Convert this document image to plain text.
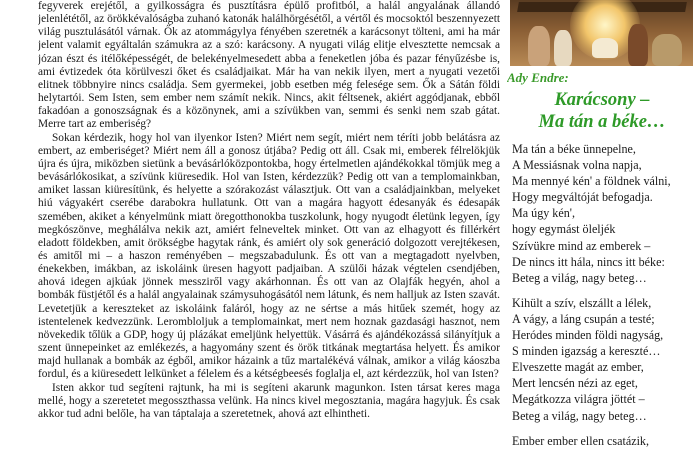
fegyverek erejétől, a gyilkosságra és pusztításra épülő profitból, a halál angyalának állandó jelenlététől, az örökkévalóságba zuhanó katonák halálhörgésétől, a vértől és mocsoktól beszennyezett világ pusztulásától várnak. Ők az atommágylya fényében szeretnék a karácsonyt tölteni, ami ha már jelent valamit egyáltalán számukra az a szó: karácsony. A nyugati világ elitje elvesztette nemcsak a józan észt és itélőképességét, de belekényelmesedett abba a feneketlen jóba és pazar fényűzésbe is, ami évtizedek óta körülveszi őket és családjaikat. Már ha van nekik ilyen, mert a nyugati vezetői elitnek többnyire nincs családja. Sem gyermekei, jobb esetben még felesége sem. Ők a Sátán földi helytartói. Sem Isten, sem ember nem számít nekik. Nincs, akit féltsenek, akiért aggódjanak, ebből fakadóan a gonoszságnak és a közönynek, ami a szívükben van, semmi és senki nem szab gátat. Merre tart az emberiség?

Sokan kérdezik, hogy hol van ilyenkor Isten? Miért nem segít, miért nem téríti jobb belátásra az embert, az emberiséget? Miért nem áll a gonosz útjába? Pedig ott áll. Csak mi, emberek félrelökjük újra és újra, miközben sietünk a bevásárlóközpontokba, hogy értelmetlen ajándékokkal tömjük meg a bevásárlókosikat, a szívünk kiüresedik. Hol van Isten, kérdezzük? Pedig ott van a templomainkban, amiket lassan kiüresítünk, és helyette a szórakozást választjuk. Ott van a családjainkban, melyeket hiú vágyakért cserébe darabokra hullatunk. Ott van a magára hagyott édesanyák és édesapák szemében, akiket a kényelmünk miatt öregotthonokba tuszkolunk, hogy nyugodt életünk legyen, így megkószönve, meghálálva nekik azt, amiért felneveltek minket. Ott van az elhagyott és fillérkért eladott földekben, amit örökségbe hagytak ránk, és amiért oly sok generáció dolgozott verejtékesen, és amitől mi – a haszon reményében – megszabadulunk. És ott van a megtagadott nyelvben, énekekben, imákban, az iskoláink üresen hagyott padjaiban. A szülői házak végtelen csendjében, ahová idegen ajkúak jönnek messziről vagy akárhonnan. És ott van az Olajfák hegyén, ahol a bombák füstjétől és a halál angyalainak számysuhogásától nem látunk, és nem halljuk az Isten szavát. Levetetjük a kereszteket az iskoláink faláról, hogy az ne sértse a más hitűek szemét, hogy az istentelenek kedvezzünk. Lerombloljuk a templomainkat, mert nem hoznak gazdasági hasznot, nem növekedik tőlük a GDP, hogy új plázákat emeljünk helyettük. Vásárrá és ajándékozássá silányítjuk a szent ünnepeinket az emlékezés, a hagyomány szent és örök titkának megtartása helyett. És amikor majd hullanak a bombák az égből, amikor házaink a tűz martalékévá válnak, amikor a világ káoszba fordul, és a kiüresedett lelkünket a félelem és a kétségbeesés foglalja el, azt kérdezzük, hol van Isten?

Isten akkor tud segíteni rajtunk, ha mi is segíteni akarunk magunkon. Isten társat keres maga mellé, hogy a szeretetet megosszthassa velünk. Ha nincs kivel megosztania, magára hagyjuk. És csak akkor tud adni belőle, ha van táptalaja a szeretetnek, ahová azt elhintheti.

Ady Endre:
Karácsony –
Ma tán a béke…
Ma tán a béke ünnepelne,
A Messiásnak volna napja,
Ma mennyé kén' a földnek válni,
Hogy megváltóját befogadja.
Ma úgy kén',
hogy egymást öleljék
Szívükre mind az emberek –
De nincs itt hála, nincs itt béke:
Beteg a világ, nagy beteg…
Kihült a szív, elszállt a lélek,
A vágy, a láng csupán a testé;
Heródes minden földi nagyság,
S minden igazság a kereszté…
Elveszette magát az ember,
Mert lencsén nézi az eget,
Megátkozza világra jöttét –
Beteg a világ, nagy beteg…
Ember ember ellen csatázik,
